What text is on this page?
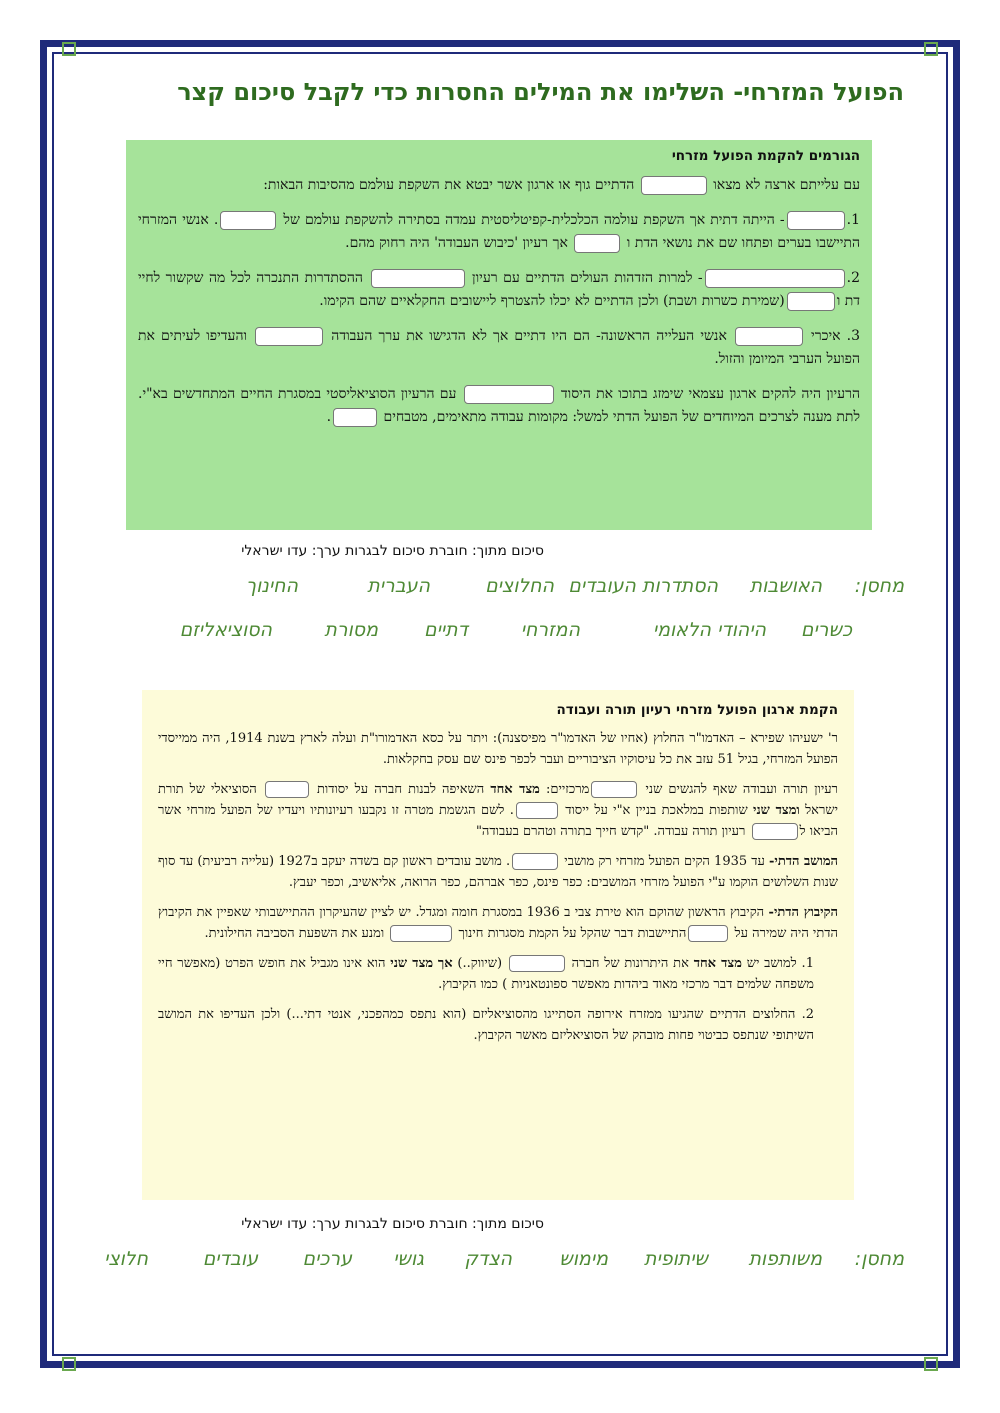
הפועל המזרחי- השלימו את המילים החסרות כדי לקבל סיכום קצר
הגורמים להקמת הפועל מזרחי
עם עלייתם ארצה לא מצאו  הדתיים גוף או ארגון אשר יבטא את השקפת עולמם מהסיבות הבאות:
1.- הייתה דתית אך השקפת עולמה הכלכלית-קפיטליסטית עמדה בסתירה להשקפת עולמם של . אנשי המזרחי התיישבו בערים ופתחו שם את נושאי הדת ו  אך רעיון 'כיבוש העבודה' היה רחוק מהם.
2.- למרות הזדהות העולים הדתיים עם רעיון  ההסתדרות התנכרה לכל מה שקשור לחיי דת ו(שמירת כשרות ושבת) ולכן הדתיים לא יכלו להצטרף ליישובים החקלאיים שהם הקימו.
3. איכרי  אנשי העלייה הראשונה- הם היו דתיים אך לא הדגישו את ערך העבודה  והעדיפו לעיתים את הפועל הערבי המיומן והזול.
הרעיון היה להקים ארגון עצמאי שימזג בתוכו את היסוד  עם הרעיון הסוציאליסטי במסגרת החיים המתחדשים בא"י. לתת מענה לצרכים המיוחדים של הפועל הדתי למשל: מקומות עבודה מתאימים, מטבחים .
סיכום מתוך: חוברת סיכום לבגרות ערך: עדו ישראלי
מחסן:
האושבות
הסתדרות העובדים
החלוצים
העברית
החינוך
כשרים
היהודי הלאומי
המזרחי
דתיים
מסורת
הסוציאליזם
הקמת ארגון הפועל מזרחי רעיון תורה ועבודה
ר' ישעיהו שפירא – האדמו"ר החלוץ (אחיו של האדמו"ר מפיסצנה): ויתר על כסא האדמורו"ת ועלה לארץ בשנת 1914, היה ממייסדי הפועל המזרחי, בגיל 51 עזב את כל עיסוקיו הציבוריים ועבר לכפר פינס שם עסק בחקלאות.
רעיון תורה ועבודה שאף להגשים שני מרכזיים: מצד אחד השאיפה לבנות חברה על יסודות  הסוציאלי של תורת ישראל ומצד שני שותפות במלאכת בניין א"י על ייסוד . לשם הגשמת מטרה זו נקבעו רעיונותיו ויעדיו של הפועל מזרחי אשר הביאו ל רעיון תורה עבודה. "קדש חייך בתורה וטהרם בעבודה"
המושב הדתי- עד 1935 הקים הפועל מזרחי רק מושבי . מושב עובדים ראשון קם בשדה יעקב ב1927 (עלייה רביעית) עד סוף שנות השלושים הוקמו ע"י הפועל מזרחי המושבים: כפר פינס, כפר אברהם, כפר הרואה, אליאשיב, וכפר יעבץ.
הקיבוץ הדתי- הקיבוץ הראשון שהוקם הוא טירת צבי ב 1936 במסגרת חומה ומגדל. יש לציין שהעיקרון ההתיישבותי שאפיין את הקיבוץ הדתי היה שמירה על התיישבות דבר שהקל על הקמת מסגרות חינוך  ומנע את השפעת הסביבה החילונית.
1. למושב יש מצד אחד את היתרונות של חברה  (שיווק..) אך מצד שני הוא אינו מגביל את חופש הפרט (מאפשר חיי משפחה שלמים דבר מרכזי מאוד ביהדות מאפשר ספונטאניות ) כמו הקיבוץ.
2. החלוצים הדתיים שהגיעו ממזרח אירופה הסתייגו מהסוציאליזם (הוא נתפס כמהפכני, אנטי דתי...) ולכן העדיפו את המושב השיתופי שנתפס כביטוי פחות מובהק של הסוציאליזם מאשר הקיבוץ.
סיכום מתוך: חוברת סיכום לבגרות ערך: עדו ישראלי
מחסן:
משותפות
שיתופית
מימוש
הצדק
גושי
ערכים
עובדים
חלוצי
